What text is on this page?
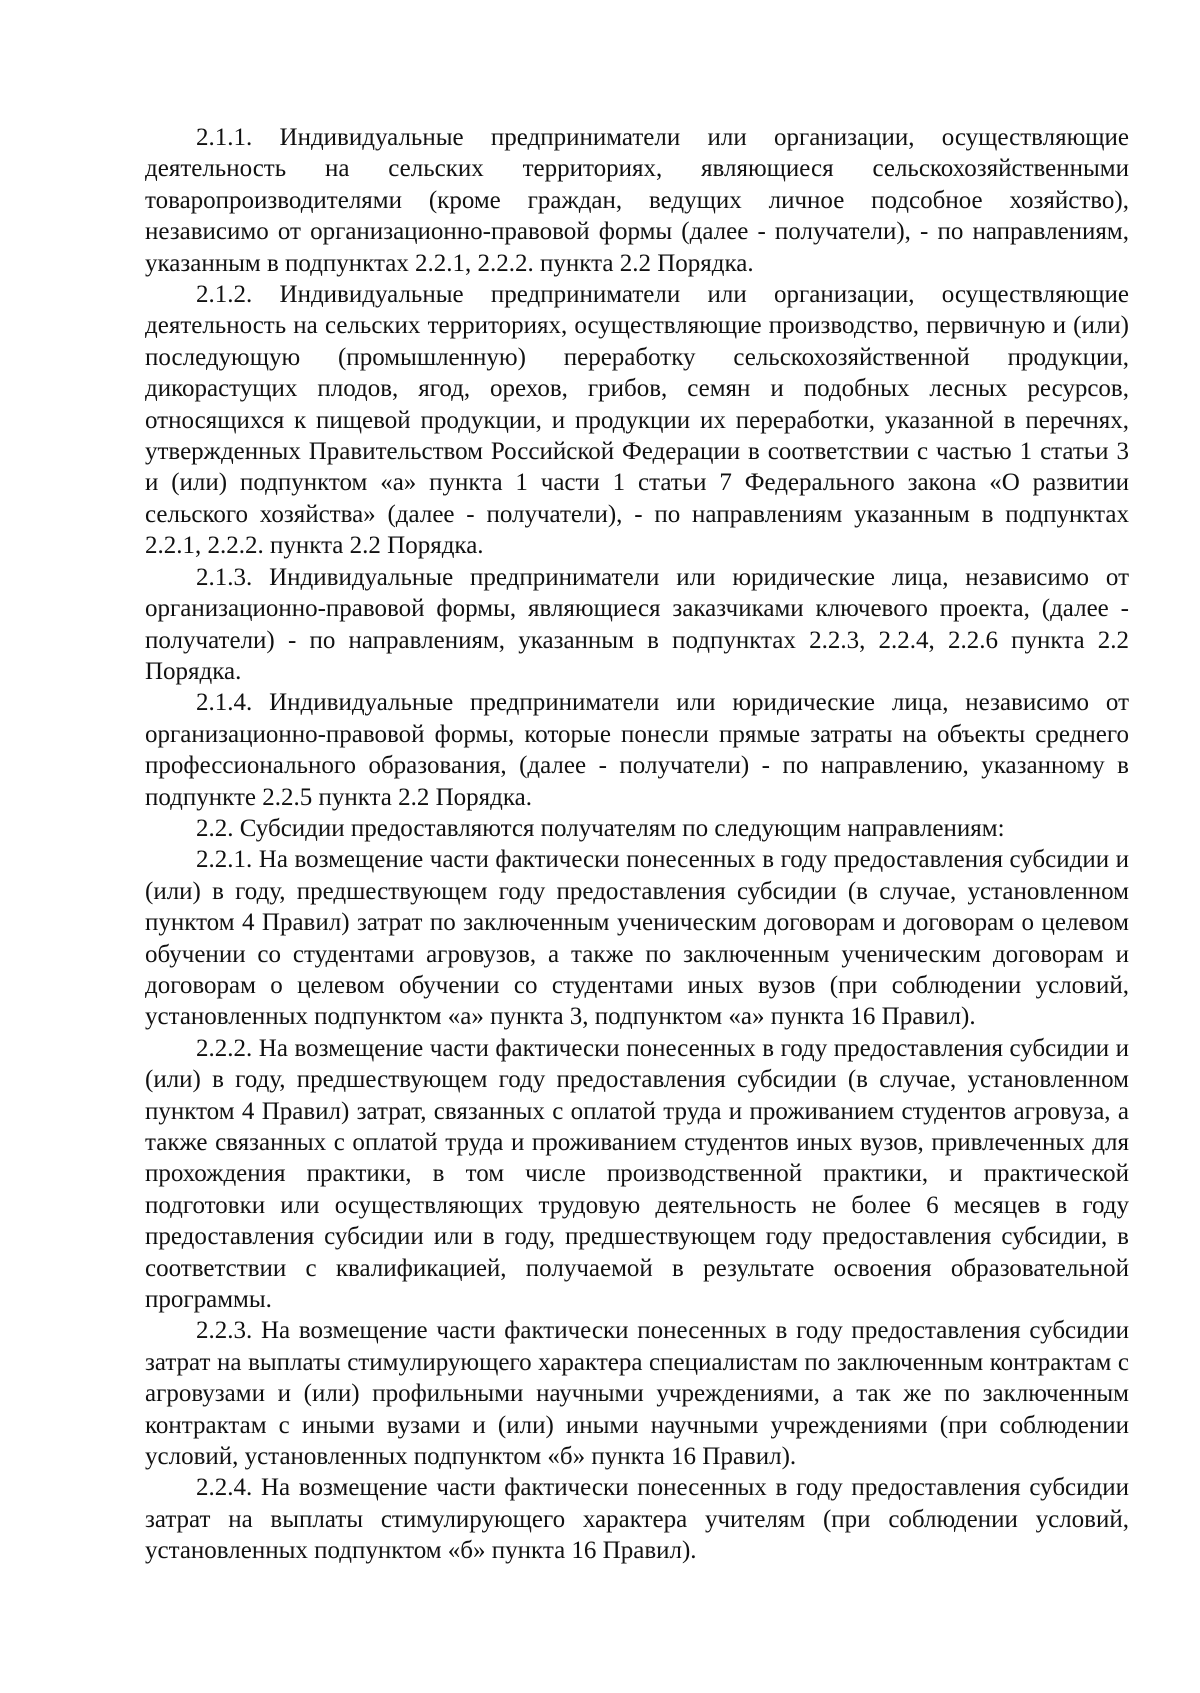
2.1.1. Индивидуальные предприниматели или организации, осуществляющие деятельность на сельских территориях, являющиеся сельскохозяйственными товаропроизводителями (кроме граждан, ведущих личное подсобное хозяйство), независимо от организационно-правовой формы (далее - получатели), - по направлениям, указанным в подпунктах 2.2.1, 2.2.2. пункта 2.2 Порядка.

2.1.2. Индивидуальные предприниматели или организации, осуществляющие деятельность на сельских территориях, осуществляющие производство, первичную и (или) последующую (промышленную) переработку сельскохозяйственной продукции, дикорастущих плодов, ягод, орехов, грибов, семян и подобных лесных ресурсов, относящихся к пищевой продукции, и продукции их переработки, указанной в перечнях, утвержденных Правительством Российской Федерации в соответствии с частью 1 статьи 3 и (или) подпунктом «а» пункта 1 части 1 статьи 7 Федерального закона «О развитии сельского хозяйства» (далее - получатели), - по направлениям указанным в подпунктах 2.2.1, 2.2.2. пункта 2.2 Порядка.

2.1.3. Индивидуальные предприниматели или юридические лица, независимо от организационно-правовой формы, являющиеся заказчиками ключевого проекта, (далее - получатели) - по направлениям, указанным в подпунктах 2.2.3, 2.2.4, 2.2.6 пункта 2.2 Порядка.

2.1.4. Индивидуальные предприниматели или юридические лица, независимо от организационно-правовой формы, которые понесли прямые затраты на объекты среднего профессионального образования, (далее - получатели) - по направлению, указанному в подпункте 2.2.5 пункта 2.2 Порядка.

2.2. Субсидии предоставляются получателям по следующим направлениям:

2.2.1. На возмещение части фактически понесенных в году предоставления субсидии и (или) в году, предшествующем году предоставления субсидии (в случае, установленном пунктом 4 Правил) затрат по заключенным ученическим договорам и договорам о целевом обучении со студентами агровузов, а также по заключенным ученическим договорам и договорам о целевом обучении со студентами иных вузов (при соблюдении условий, установленных подпунктом «а» пункта 3, подпунктом «а» пункта 16 Правил).

2.2.2. На возмещение части фактически понесенных в году предоставления субсидии и (или) в году, предшествующем году предоставления субсидии (в случае, установленном пунктом 4 Правил) затрат, связанных с оплатой труда и проживанием студентов агровуза, а также связанных с оплатой труда и проживанием студентов иных вузов, привлеченных для прохождения практики, в том числе производственной практики, и практической подготовки или осуществляющих трудовую деятельность не более 6 месяцев в году предоставления субсидии или в году, предшествующем году предоставления субсидии, в соответствии с квалификацией, получаемой в результате освоения образовательной программы.

2.2.3. На возмещение части фактически понесенных в году предоставления субсидии затрат на выплаты стимулирующего характера специалистам по заключенным контрактам с агровузами и (или) профильными научными учреждениями, а так же по заключенным контрактам с иными вузами и (или) иными научными учреждениями (при соблюдении условий, установленных подпунктом «б» пункта 16 Правил).

2.2.4. На возмещение части фактически понесенных в году предоставления субсидии затрат на выплаты стимулирующего характера учителям (при соблюдении условий, установленных подпунктом «б» пункта 16 Правил).
